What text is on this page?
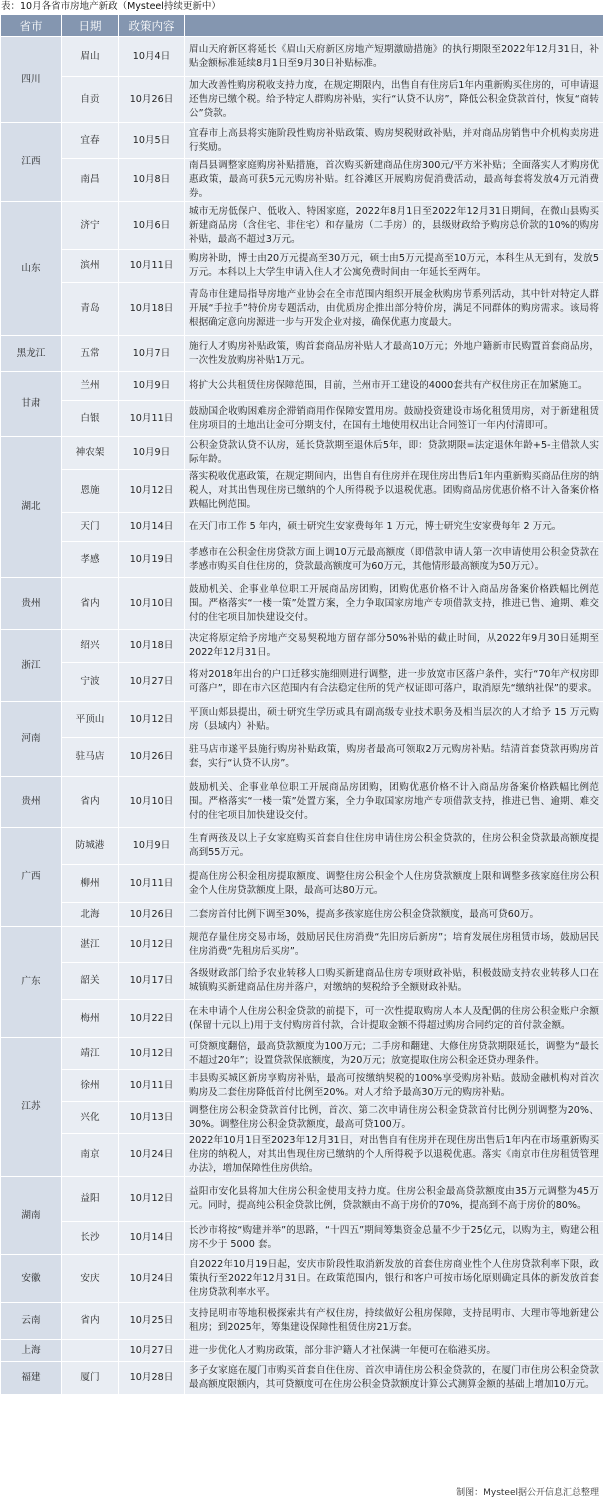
表：10月各省市房地产新政（Mysteel持续更新中）
省市	日期	政策内容	
四川	眉山	10月4日	眉山天府新区将延长《眉山天府新区房地产短期激励措施》的执行期限至2022年12月31日，补贴金额标准延续8月1日至9月30日补贴标准。
	自贡	10月26日	加大改善性购房税收支持力度，在规定期限内，出售自有住房后1年内重新购买住房的，可申请退还售房已缴个税。给予特定人群购房补贴，实行“认贷不认房”，降低公积金贷款首付，恢复“商转公”贷款。
江西	宜春	10月5日	宜春市上高县将实施阶段性购房补贴政策、购房契税财政补贴，并对商品房销售中介机构卖房进行奖励。
	南昌	10月8日	南昌县调整家庭购房补贴措施，首次购买新建商品住房300元/平方米补贴；全面落实人才购房优惠政策，最高可获5元元购房补贴。红谷滩区开展购房促消费活动，最高每套将发放4万元消费券。
山东	济宁	10月6日	城市无房低保户、低收入、特困家庭，2022年8月1日至2022年12月31日期间，在微山县购买新建商品房（含住宅、非住宅）和存量房（二手房）的，县级财政给予购房总价款的10%的购房补贴，最高不超过3万元。
	滨州	10月11日	购房补助，博士由20万元提高至30万元，硕士由5万元提高至10万元，本科生从无到有，发放5万元。本科以上大学生申请入住人才公寓免费时间由一年延长至两年。
	青岛	10月18日	青岛市住建局指导房地产业协会在全市范围内组织开展金秋购房节系列活动，其中针对特定人群开展“手拉手”特价房专题活动，由优质房企推出部分特价房，满足不同群体的购房需求。该局将根据确定意向房源进一步与开发企业对接，确保优惠力度最大。
黑龙江	五常	10月7日	施行人才购房补贴政策，购首套商品房补贴人才最高10万元；外地户籍新市民购置首套商品房，一次性发放购房补贴1万元。
甘肃	兰州	10月9日	将扩大公共租赁住房保障范围，目前，兰州市开工建设的4000套共有产权住房正在加紧施工。
	白银	10月11日	鼓励国企收购困难房企滞销商用作保障安置用房。鼓励投资建设市场化租赁用房，对于新建租赁住房项目的土地出让金可分期支付，在国有土地使用权出让合同签订一年内付清即可。
湖北	神农架	10月9日	公积金贷款认贷不认房，延长贷款期至退休后5年，即：贷款期限=法定退休年龄+5-主借款人实际年龄。
	恩施	10月12日	落实税收优惠政策，在规定期间内，出售自有住房并在现住房出售后1年内重新购买商品住房的纳税人，对其出售现住房已缴纳的个人所得税予以退税优惠。团购商品房优惠价格不计入备案价格跌幅比例范围。
	天门	10月14日	在天门市工作 5 年内，硕士研究生安家费每年 1 万元，博士研究生安家费每年 2 万元。
	孝感	10月19日	孝感市在公积金住房贷款方面上调10万元最高额度（即借款申请人第一次申请使用公积金贷款在孝感市购买自住住房的，贷款最高额度可为60万元，其他情形最高额度为50万元）。
贵州	省内	10月10日	鼓励机关、企事业单位职工开展商品房团购，团购优惠价格不计入商品房备案价格跌幅比例范围。严格落实“一楼一策”处置方案，全力争取国家房地产专项借款支持，推进已售、逾期、难交付的住宅项目加快建设交付。
浙江	绍兴	10月18日	决定将原定给予房地产交易契税地方留存部分50%补贴的截止时间，从2022年9月30日延期至2022年12月31日。
	宁波	10月27日	将对2018年出台的户口迁移实施细则进行调整，进一步放宽市区落户条件，实行“70年产权房即可落户”，即在市六区范围内有合法稳定住所的凭产权证即可落户，取消原先“缴纳社保”的要求。
河南	平顶山	10月12日	平顶山郏县提出，硕士研究生学历或具有副高级专业技术职务及相当层次的人才给予 15 万元购房（县域内）补贴。
	驻马店	10月26日	驻马店市遂平县施行购房补贴政策，购房者最高可领取2万元购房补贴。结清首套贷款再购房首套，实行“认贷不认房”。
贵州	省内	10月10日	鼓励机关、企事业单位职工开展商品房团购，团购优惠价格不计入商品房备案价格跌幅比例范围。严格落实“一楼一策”处置方案，全力争取国家房地产专项借款支持，推进已售、逾期、难交付的住宅项目加快建设交付。
广西	防城港	10月9日	生育两孩及以上子女家庭购买首套自住住房申请住房公积金贷款的，住房公积金贷款最高额度提高到55万元。
	柳州	10月11日	提高住房公积金租房提取额度、调整住房公积金个人住房贷款额度上限和调整多孩家庭住房公积金个人住房贷款额度上限，最高可达80万元。
	北海	10月26日	二套房首付比例下调至30%，提高多孩家庭住房公积金贷款额度，最高可贷60万。
广东	湛江	10月12日	规范存量住房交易市场，鼓励居民住房消费“先旧房后新房”；培育发展住房租赁市场，鼓励居民住房消费“先租房后买房”。
	韶关	10月17日	各级财政部门给予农业转移人口购买新建商品住房专项财政补贴，积极鼓励支持农业转移人口在城镇购买新建商品住房并落户，对缴纳的契税给予全额财政补贴。
	梅州	10月22日	在未申请个人住房公积金贷款的前提下，可一次性提取购房人本人及配偶的住房公积金账户余额(保留十元以上)用于支付购房首付款，合计提取金额不得超过购房合同约定的首付款金额。
江苏	靖江	10月12日	可贷额度翻倍，最高贷款额度为100万元；二手房和翻建、大修住房贷款期限延长，调整为“最长不超过20年”；设置贷款保底额度，为20万元；放宽提取住房公积金还贷办理条件。
	徐州	10月11日	丰县购买城区新房享购房补贴，最高可按缴纳契税的100%享受购房补贴。鼓励金融机构对首次购房及二套住房降低首付比例至20%。对人才给予最高30万元的购房补贴。
	兴化	10月13日	调整住房公积金贷款首付比例，首次、第二次申请住房公积金贷款首付比例分别调整为20%、30%。调整住房公积金贷款额度，最高可贷100万。
	南京	10月24日	2022年10月1日至2023年12月31日，对出售自有住房并在现住房出售后1年内在市场重新购买住房的纳税人，对其出售现住房已缴纳的个人所得税予以退税优惠。落实《南京市住房租赁管理办法》，增加保障性住房供给。
湖南	益阳	10月12日	益阳市安化县将加大住房公积金使用支持力度。住房公积金最高贷款额度由35万元调整为45万元。同时，提高纯公积金贷款比例，贷款额由不高于房价的70%，提高到不高于房价的80%。
	长沙	10月14日	长沙市将按“购建并举”的思路，“十四五”期间筹集资金总量不少于25亿元，以购为主，购建公租房不少于 5000 套。
安徽	安庆	10月24日	自2022年10月19日起，安庆市阶段性取消新发放的首套住房商业性个人住房贷款利率下限，政策执行至2022年12月31日。在政策范围内，银行和客户可按市场化原则确定具体的新发放首套住房贷款利率水平。
云南	省内	10月25日	支持昆明市等地积极探索共有产权住房，持续做好公租房保障，支持昆明市、大理市等地新建公租房；到2025年，筹集建设保障性租赁住房21万套。
上海		10月27日	进一步优化人才购房政策，部分非沪籍人才社保满一年便可在临港买房。
福建	厦门	10月28日	多子女家庭在厦门市购买首套自住住房、首次申请住房公积金贷款的，在厦门市住房公积金贷款最高额度限额内，其可贷额度可在住房公积金贷款额度计算公式测算金额的基础上增加10万元。
制图：Mysteel据公开信息汇总整理
